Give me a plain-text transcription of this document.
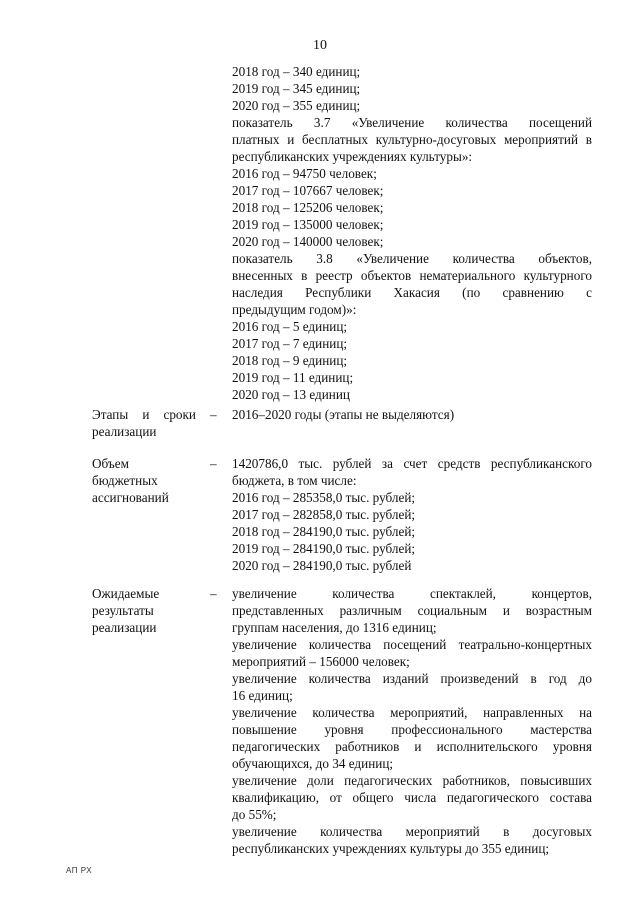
10
2018 год – 340 единиц;
2019 год – 345 единиц;
2020 год – 355 единиц;
показатель 3.7 «Увеличение количества посещений
платных и бесплатных культурно-досуговых мероприятий в
республиканских учреждениях культуры»:
2016 год – 94750 человек;
2017 год – 107667 человек;
2018 год – 125206 человек;
2019 год – 135000 человек;
2020 год – 140000 человек;
показатель 3.8 «Увеличение количества объектов,
внесенных в реестр объектов нематериального культурного
наследия Республики Хакасия (по сравнению с
предыдущим годом)»:
2016 год – 5 единиц;
2017 год – 7 единиц;
2018 год – 9 единиц;
2019 год – 11 единиц;
2020 год – 13 единиц
Этапы и сроки
реализации
– 2016–2020 годы (этапы не выделяются)
Объем
бюджетных
ассигнований
– 1420786,0 тыс. рублей за счет средств республиканского
бюджета, в том числе:
2016 год – 285358,0 тыс. рублей;
2017 год – 282858,0 тыс. рублей;
2018 год – 284190,0 тыс. рублей;
2019 год – 284190,0 тыс. рублей;
2020 год – 284190,0 тыс. рублей
Ожидаемые
результаты
реализации
– увеличение количества спектаклей, концертов,
представленных различным социальным и возрастным
группам населения, до 1316 единиц;
увеличение количества посещений театрально-концертных
мероприятий – 156000 человек;
увеличение количества изданий произведений в год до
16 единиц;
увеличение количества мероприятий, направленных на
повышение уровня профессионального мастерства
педагогических работников и исполнительского уровня
обучающихся, до 34 единиц;
увеличение доли педагогических работников, повысивших
квалификацию, от общего числа педагогического состава
до 55%;
увеличение количества мероприятий в досуговых
республиканских учреждениях культуры до 355 единиц;
АП РХ
